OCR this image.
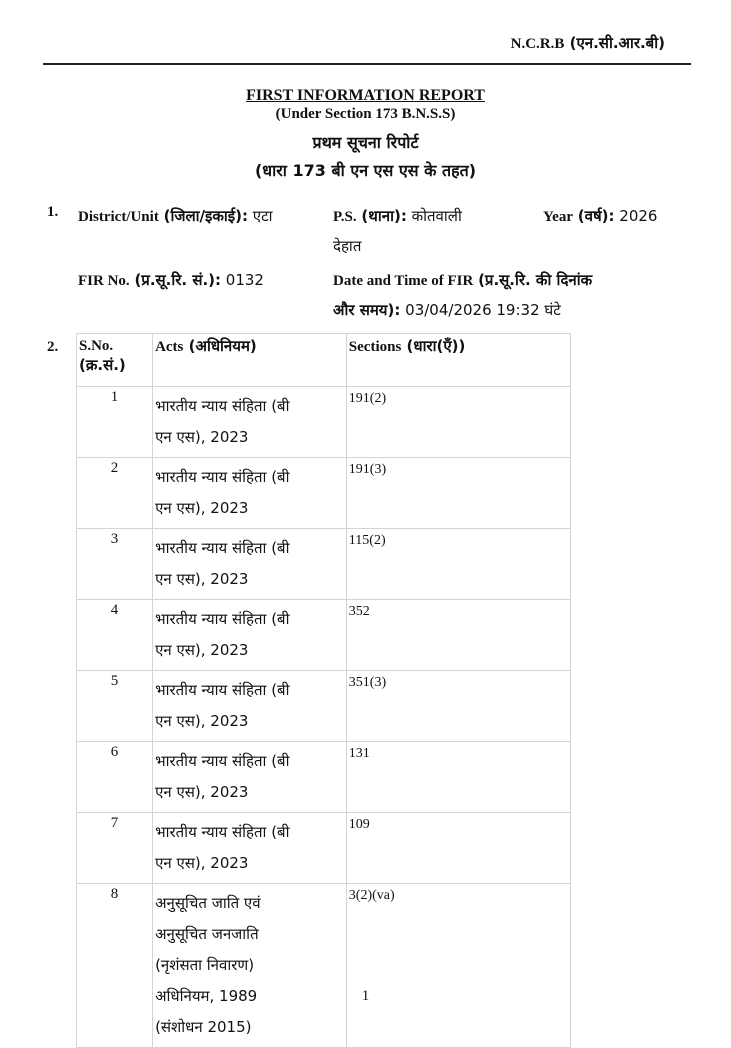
N.C.R.B (एन.सी.आर.बी)
FIRST INFORMATION REPORT
(Under Section 173 B.N.S.S)
प्रथम सूचना रिपोर्ट
(धारा 173 बी एन एस एस के तहत)
1. District/Unit (जिला/इकाई): एटा	P.S. (थाना): कोतवाली
देहात
Year (वर्ष): 2026
FIR No. (प्र.सू.रि. सं.): 0132	Date and Time of FIR (प्र.सू.रि. की दिनांक
और समय): 03/04/2026 19:32 घंटे
2. S.No.
(क्र.सं.)	Acts (अधिनियम)	Sections (धारा(एँ))
1	भारतीय न्याय संहिता (बी
एन एस), 2023	191(2)
2	भारतीय न्याय संहिता (बी
एन एस), 2023	191(3)
3	भारतीय न्याय संहिता (बी
एन एस), 2023	115(2)
4	भारतीय न्याय संहिता (बी
एन एस), 2023	352
5	भारतीय न्याय संहिता (बी
एन एस), 2023	351(3)
6	भारतीय न्याय संहिता (बी
एन एस), 2023	131
7	भारतीय न्याय संहिता (बी
एन एस), 2023	109
8	अनुसूचित जाति एवं
अनुसूचित जनजाति
(नृशंसता निवारण)
अधिनियम, 1989
(संशोधन 2015)	3(2)(va)
1
